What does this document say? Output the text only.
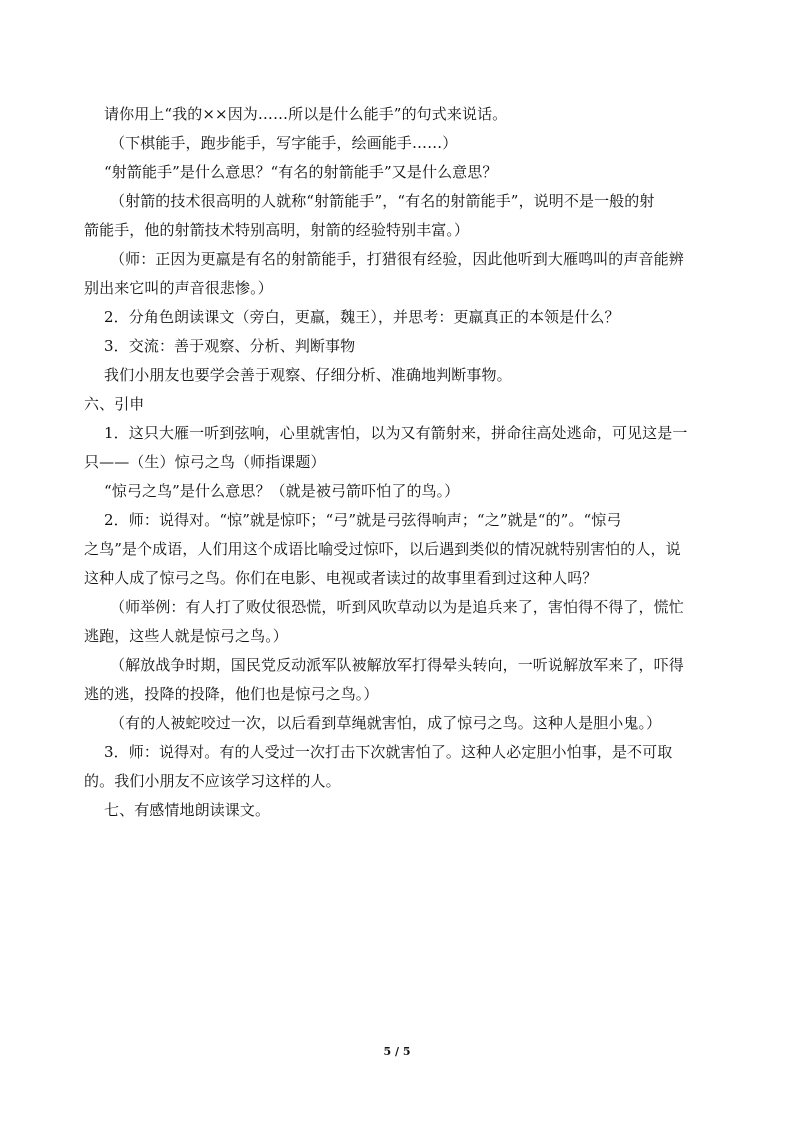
请你用上“我的××因为……所以是什么能手”的句式来说话。
（下棋能手，跑步能手，写字能手，绘画能手……）
“射箭能手”是什么意思？“有名的射箭能手”又是什么意思？
（射箭的技术很高明的人就称“射箭能手”，“有名的射箭能手”，说明不是一般的射
箭能手，他的射箭技术特别高明，射箭的经验特别丰富。）
（师：正因为更羸是有名的射箭能手，打猎很有经验，因此他听到大雁鸣叫的声音能辨
别出来它叫的声音很悲惨。）
2．分角色朗读课文（旁白，更羸，魏王），并思考：更羸真正的本领是什么？
3．交流：善于观察、分析、判断事物
我们小朋友也要学会善于观察、仔细分析、准确地判断事物。
六、引申
1．这只大雁一听到弦响，心里就害怕，以为又有箭射来，拼命往高处逃命，可见这是一
只——（生）惊弓之鸟（师指课题）
“惊弓之鸟”是什么意思？（就是被弓箭吓怕了的鸟。）
2．师：说得对。“惊”就是惊吓；“弓”就是弓弦得响声；“之”就是“的”。“惊弓
之鸟”是个成语，人们用这个成语比喻受过惊吓，以后遇到类似的情况就特别害怕的人，说
这种人成了惊弓之鸟。你们在电影、电视或者读过的故事里看到过这种人吗？
（师举例：有人打了败仗很恐慌，听到风吹草动以为是追兵来了，害怕得不得了，慌忙
逃跑，这些人就是惊弓之鸟。）
（解放战争时期，国民党反动派军队被解放军打得晕头转向，一听说解放军来了，吓得
逃的逃，投降的投降，他们也是惊弓之鸟。）
（有的人被蛇咬过一次，以后看到草绳就害怕，成了惊弓之鸟。这种人是胆小鬼。）
3．师：说得对。有的人受过一次打击下次就害怕了。这种人必定胆小怕事，是不可取
的。我们小朋友不应该学习这样的人。
七、有感情地朗读课文。
5 / 5
